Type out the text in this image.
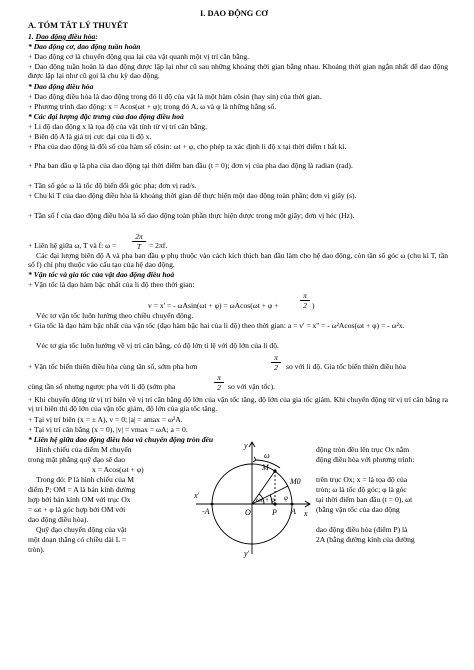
I. DAO ĐỘNG CƠ
A. TÓM TẮT LÝ THUYẾT
1. Dao động điều hòa:
* Dao động cơ, dao động tuần hoàn
+ Dao động cơ là chuyển động qua lại của vật quanh một vị trí cân bằng.
+ Dao động tuần hoàn là dao động được lặp lại như cũ sau những khoảng thời gian bằng nhau. Khoảng thời gian ngắn nhất để dao động được lặp lại như cũ gọi là chu kỳ dao động.
* Dao động điều hòa
+ Dao động điều hòa là dao động trong đó li độ của vật là một hàm côsin (hay sin) của thời gian.
+ Phương trình dao động: x = Acos(ωt + φ); trong đó A, ω và φ là những hằng số.
* Các đại lượng đặc trưng của dao động điều hoà
+ Li độ dao động x là tọa độ của vật tính từ vị trí cân bằng.
+ Biên độ A là giá trị cực đại của li độ x.
+ Pha của dao động là đối số của hàm số côsin: ωt + φ, cho phép ta xác định li độ x tại thời điểm t bất kì.
+ Pha ban đầu φ là pha của dao động tại thời điểm ban đầu (t = 0); đơn vị của pha dao động là radian (rad).
+ Tần số góc ω là tốc độ biến đổi góc pha; đơn vị rad/s.
+ Chu kì T của dao động điều hòa là khoảng thời gian để thực hiện một dao động toàn phần; đơn vị giây (s).
+ Tần số f của dao động điều hòa là số dao động toàn phần thực hiện được trong một giây; đơn vị héc (Hz).
+ Liên hệ giữa ω, T và f: $\omega = \frac{2\pi}{T} = 2\pi f$.
Các đại lượng biên độ A và pha ban đầu φ phụ thuộc vào cách kích thích ban đầu làm cho hệ dao động, còn tần số góc ω (chu kì T, tần số f) chỉ phụ thuộc vào cấu tạo của hệ dao động.
* Vận tốc và gia tốc của vật dao động điều hoà
+ Vận tốc là đạo hàm bậc nhất của li độ theo thời gian:
v = x' = - ωAsin(ωt + φ) = ωAcos(ωt + φ +	$\frac{\pi}{2}$ )
Véc tơ vận tốc luôn hướng theo chiều chuyển động.
+ Gia tốc là đạo hàm bậc nhất của vận tốc (đạo hàm bậc hai của li độ) theo thời gian: a = v' = x'' = - ω²Acos(ωt + φ) = - ω²x.
Véc tơ gia tốc luôn hướng về vị trí cân bằng, có độ lớn tỉ lệ với độ lớn của li độ.
+ Vận tốc biến thiên điều hòa cùng tần số, sớm pha hơn	$\frac{\pi}{2}$ so với li độ. Gia tốc biến thiên điều hòa
cùng tần số nhưng ngược pha với li độ (sớm pha	$\frac{\pi}{2}$ so với vận tốc).
+ Khi chuyển động từ vị trí biên về vị trí cân bằng độ lớn của vận tốc tăng, độ lớn của gia tốc giảm. Khi chuyển động từ vị trí cân bằng ra vị trí biên thì độ lớn của vận tốc giảm, độ lớn của gia tốc tăng.
+ Tại vị trí biên (x = ± A), v = 0; |a| = amax = ω²A.
+ Tại vị trí cân bằng (x = 0), |v| = vmax = ωA; a = 0.
* Liên hệ giữa dao động điều hòa và chuyển động tròn đều
Hình chiếu của điểm M chuyển
trong mặt phẳng quỹ đạo sẽ dao
x = Acos(ωt + φ)
Trong đó: P là hình chiếu của M
điểm P; OM = A là bán kính đường
hợp bởi bán kính OM với trục Ox
= ωt + φ là góc hợp bởi OM với
dao động điều hòa).
Quỹ đạo chuyển động của vật
một đoạn thẳng có chiều dài L =
tròn).
động tròn đều lên trục Ox nằm
động điều hòa với phương trình:
trên trục Ox; x = là tọa độ của
tròn; ω là tốc độ góc; φ là góc
tại thời điểm ban đầu (t = 0), ωt
(bằng vận tốc của dao động
dao động điều hòa (điểm P) là
2A (bằng đường kính của đường
y
x
x'
y'
M
M0
O	P A
-A
ω
ωt + φ φ
